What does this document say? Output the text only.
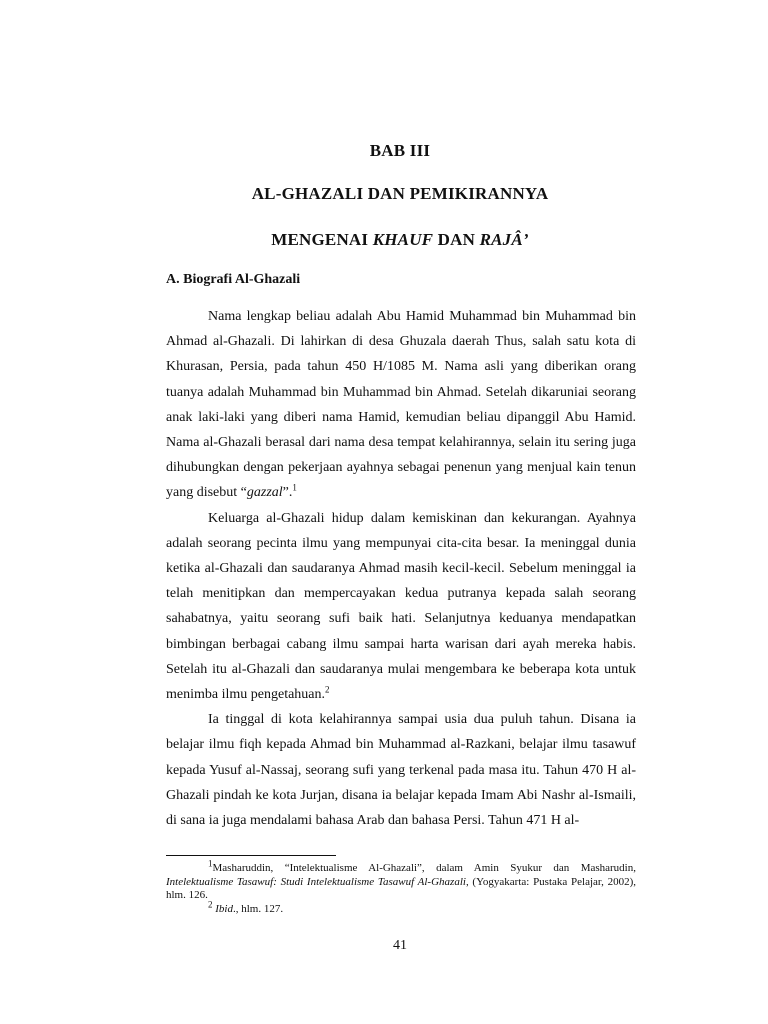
BAB III
AL-GHAZALI DAN PEMIKIRANNYA
MENGENAI KHAUF DAN RAJÂ’
A. Biografi Al-Ghazali

Nama lengkap beliau adalah Abu Hamid Muhammad bin Muhammad bin Ahmad al-Ghazali. Di lahirkan di desa Ghuzala daerah Thus, salah satu kota di Khurasan, Persia, pada tahun 450 H/1085 M. Nama asli yang diberikan orang tuanya adalah Muhammad bin Muhammad bin Ahmad. Setelah dikaruniai seorang anak laki-laki yang diberi nama Hamid, kemudian beliau dipanggil Abu Hamid. Nama al-Ghazali berasal dari nama desa tempat kelahirannya, selain itu sering juga dihubungkan dengan pekerjaan ayahnya sebagai penenun yang menjual kain tenun yang disebut “gazzal”.$^1$

Keluarga al-Ghazali hidup dalam kemiskinan dan kekurangan. Ayahnya adalah seorang pecinta ilmu yang mempunyai cita-cita besar. Ia meninggal dunia ketika al-Ghazali dan saudaranya Ahmad masih kecil-kecil. Sebelum meninggal ia telah menitipkan dan mempercayakan kedua putranya kepada salah seorang sahabatnya, yaitu seorang sufi baik hati. Selanjutnya keduanya mendapatkan bimbingan berbagai cabang ilmu sampai harta warisan dari ayah mereka habis. Setelah itu al-Ghazali dan saudaranya mulai mengembara ke beberapa kota untuk menimba ilmu pengetahuan.$^2$

Ia tinggal di kota kelahirannya sampai usia dua puluh tahun. Disana ia belajar ilmu fiqh kepada Ahmad bin Muhammad al-Razkani, belajar ilmu tasawuf kepada Yusuf al-Nassaj, seorang sufi yang terkenal pada masa itu. Tahun 470 H al-Ghazali pindah ke kota Jurjan, disana ia belajar kepada Imam Abi Nashr al-Ismaili, di sana ia juga mendalami bahasa Arab dan bahasa Persi. Tahun 471 H al-

$^1$Masharuddin, “Intelektualisme Al-Ghazali”, dalam Amin Syukur dan Masharudin, Intelektualisme Tasawuf: Studi Intelektualisme Tasawuf Al-Ghazali, (Yogyakarta: Pustaka Pelajar, 2002), hlm. 126.

$^2$ Ibid., hlm. 127.

41
